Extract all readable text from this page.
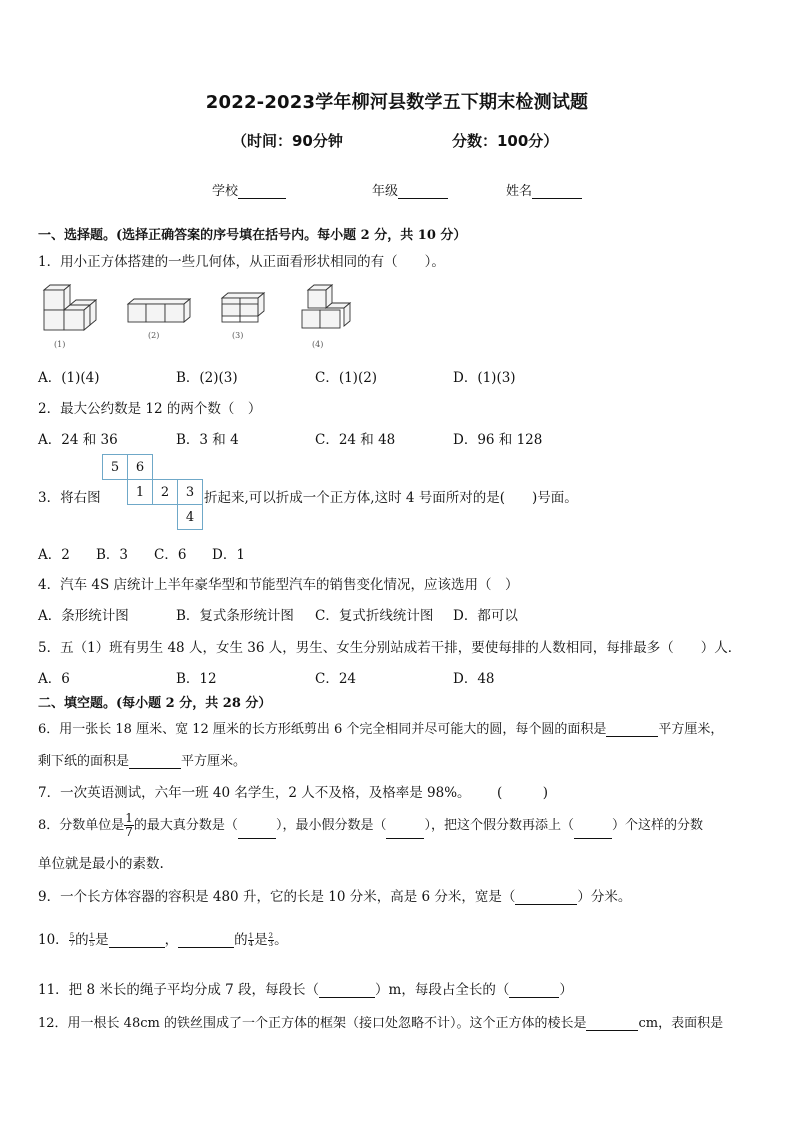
2022-2023学年柳河县数学五下期末检测试题
（时间：90分钟	分数：100分）
学校	年级	姓名
一、选择题。(选择正确答案的序号填在括号内。每小题 2 分，共 10 分）
1．用小正方体搭建的一些几何体，从正面看形状相同的有（　　）。
(1)
(2)	(3)
(4)
A．(1)(4)	B．(2)(3)	C．(1)(2)	D．(1)(3)
2．最大公约数是 12 的两个数（　）
A．24 和 36	B．3 和 4	C．24 和 48	D．96 和 128
3．将右图
5	6		
	1	2	3
			4
折起来,可以折成一个正方体,这时 4 号面所对的是(　　)号面。
A．2 B．3 C．6 D．1
4．汽车 4S 店统计上半年豪华型和节能型汽车的销售变化情况，应该选用（　）
A．条形统计图	B．复式条形统计图 C．复式折线统计图 D．都可以
5．五（1）班有男生 48 人，女生 36 人，男生、女生分别站成若干排，要使每排的人数相同，每排最多（　　）人．
A．6	B．12	C．24	D．48
二、填空题。(每小题 2 分，共 28 分）
6．用一张长 18 厘米、宽 12 厘米的长方形纸剪出 6 个完全相同并尽可能大的圆，每个圆的面积是	平方厘米，
剩下纸的面积是	平方厘米。
7．一次英语测试，六年一班 40 名学生，2 人不及格，及格率是 98%。 (　　　)
8．分数单位是 $\frac{1}{7}$ 的最大真分数是（	），最小假分数是（	），把这个假分数再添上（	）个这样的分数
单位就是最小的素数.
9．一个长方体容器的容积是 480 升，它的长是 10 分米，高是 6 分米，宽是（	）分米。
10． $\frac{5}{7}$ 的 $\frac{1}{5}$ 是	，	的 $\frac{1}{4}$ 是 $\frac{2}{3}$ 。
11．把 8 米长的绳子平均分成 7 段，每段长（	）m，每段占全长的（	）
12．用一根长 48cm 的铁丝围成了一个正方体的框架（接口处忽略不计）。这个正方体的棱长是	cm，表面积是
